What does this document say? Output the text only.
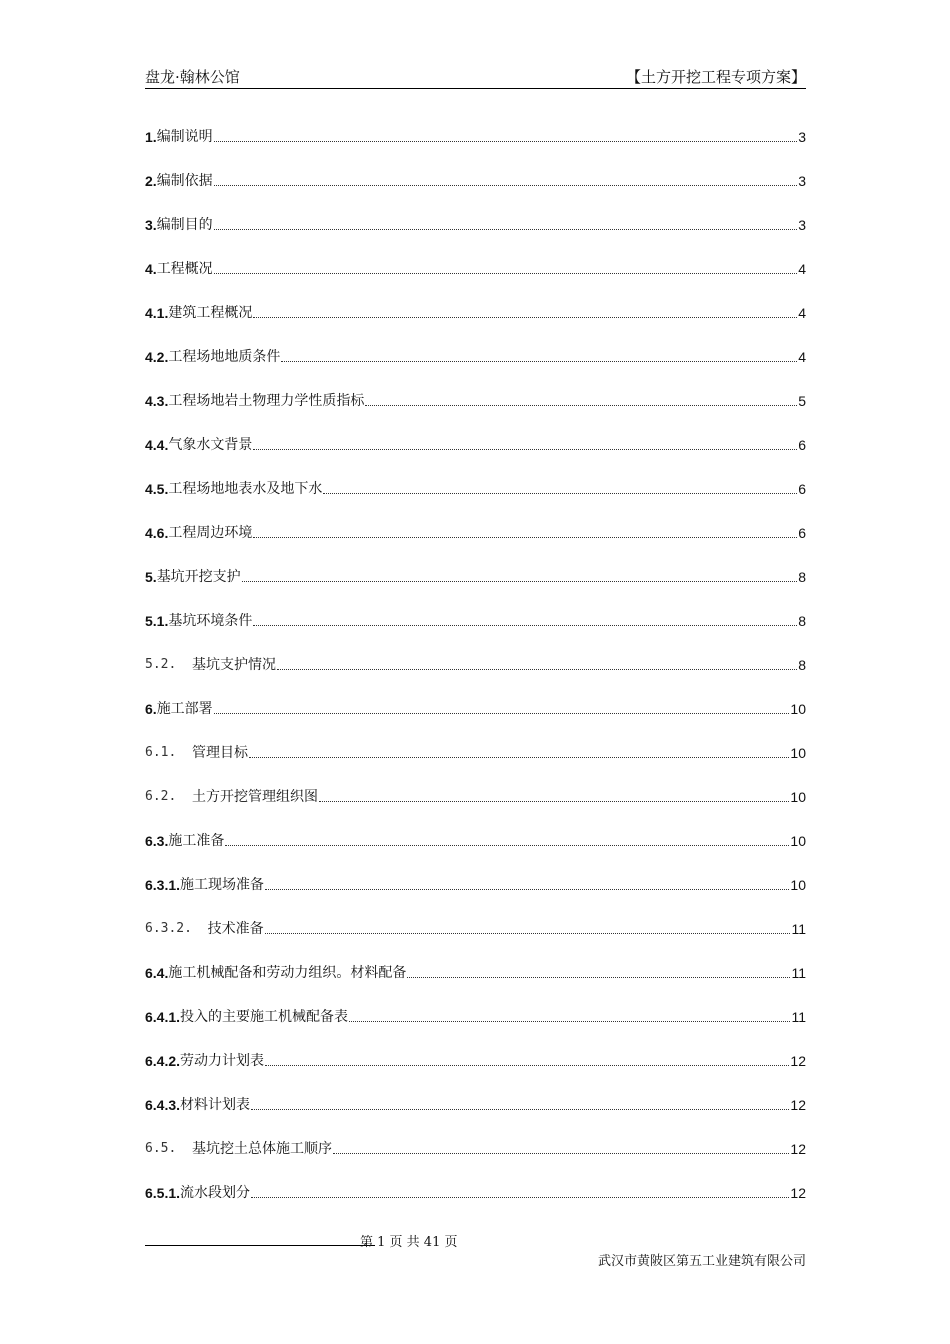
盘龙·翰林公馆	【土方开挖工程专项方案】
1. 编制说明	3
2. 编制依据	3
3. 编制目的	3
4. 工程概况	4
4.1. 建筑工程概况	4
4.2. 工程场地地质条件	4
4.3. 工程场地岩土物理力学性质指标	5
4.4. 气象水文背景	6
4.5. 工程场地地表水及地下水	6
4.6. 工程周边环境	6
5. 基坑开挖支护	8
5.1. 基坑环境条件	8
5.2. 基坑支护情况	8
6. 施工部署	10
6.1. 管理目标	10
6.2. 土方开挖管理组织图	10
6.3. 施工准备	10
6.3.1. 施工现场准备	10
6.3.2. 技术准备	11
6.4. 施工机械配备和劳动力组织。材料配备	11
6.4.1. 投入的主要施工机械配备表	11
6.4.2. 劳动力计划表	12
6.4.3. 材料计划表	12
6.5. 基坑挖土总体施工顺序	12
6.5.1. 流水段划分	12
第 1 页 共 41 页
武汉市黄陂区第五工业建筑有限公司
